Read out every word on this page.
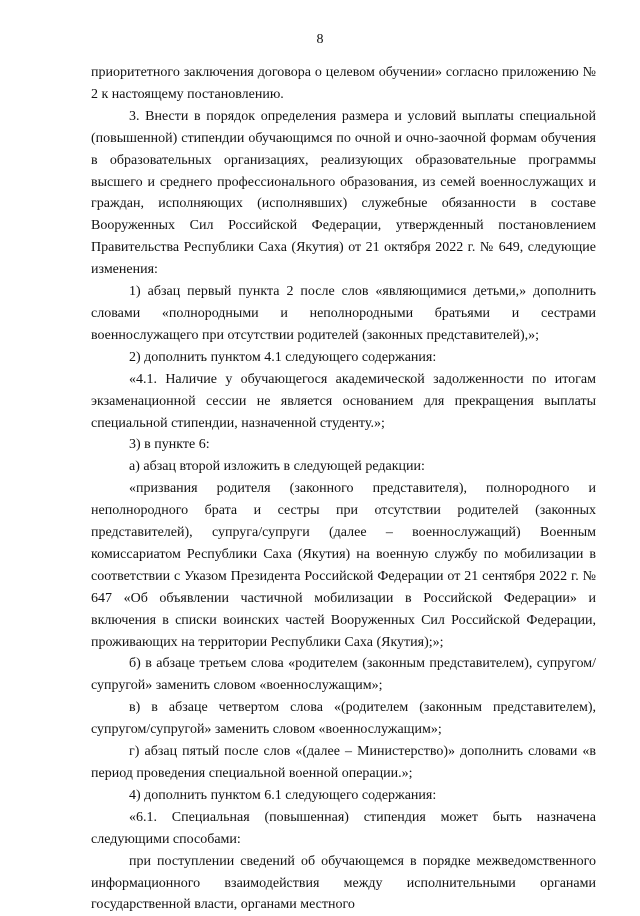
8

приоритетного заключения договора о целевом обучении» согласно приложению № 2 к настоящему постановлению.

3. Внести в порядок определения размера и условий выплаты специальной (повышенной) стипендии обучающимся по очной и очно-заочной формам обучения в образовательных организациях, реализующих образовательные программы высшего и среднего профессионального образования, из семей военнослужащих и граждан, исполняющих (исполнявших) служебные обязанности в составе Вооруженных Сил Российской Федерации, утвержденный постановлением Правительства Республики Саха (Якутия) от 21 октября 2022 г. № 649, следующие изменения:

1) абзац первый пункта 2 после слов «являющимися детьми,» дополнить словами «полнородными и неполнородными братьями и сестрами военнослужащего при отсутствии родителей (законных представителей),»;

2) дополнить пунктом 4.1 следующего содержания:

«4.1. Наличие у обучающегося академической задолженности по итогам экзаменационной сессии не является основанием для прекращения выплаты специальной стипендии, назначенной студенту.»;

3) в пункте 6:

а) абзац второй изложить в следующей редакции:

«призвания родителя (законного представителя), полнородного и неполнородного брата и сестры при отсутствии родителей (законных представителей), супруга/супруги (далее – военнослужащий) Военным комиссариатом Республики Саха (Якутия) на военную службу по мобилизации в соответствии с Указом Президента Российской Федерации от 21 сентября 2022 г. № 647 «Об объявлении частичной мобилизации в Российской Федерации» и включения в списки воинских частей Вооруженных Сил Российской Федерации, проживающих на территории Республики Саха (Якутия);»;

б) в абзаце третьем слова «родителем (законным представителем), супругом/супругой» заменить словом «военнослужащим»;

в) в абзаце четвертом слова «(родителем (законным представителем), супругом/супругой» заменить словом «военнослужащим»;

г) абзац пятый после слов «(далее – Министерство)» дополнить словами «в период проведения специальной военной операции.»;

4) дополнить пунктом 6.1 следующего содержания:

«6.1. Специальная (повышенная) стипендия может быть назначена следующими способами:

при поступлении сведений об обучающемся в порядке межведомственного информационного взаимодействия между исполнительными органами государственной власти, органами местного
